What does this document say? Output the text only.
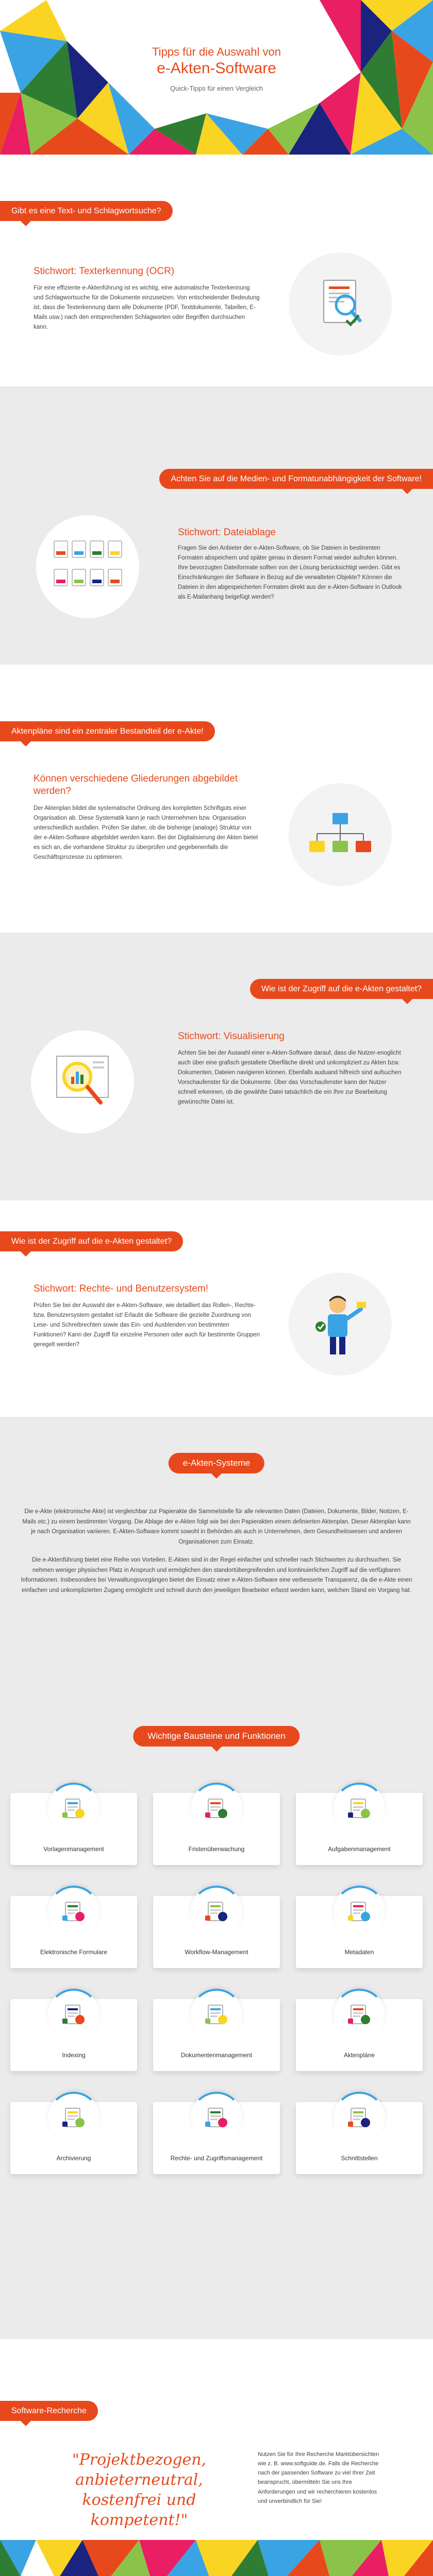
Tipps für die Auswahl von
e-Akten-Software
Quick-Tipps für einen Vergleich
Gibt es eine Text- und Schlagwortsuche?
Stichwort: Texterkennung (OCR)
Für eine effiziente e-Aktenführung ist es wichtig, eine automatische Texterkennung und Schlagwortsuche für die Dokumente einzusetzen. Von entscheidender Bedeutung ist, dass die Texterkennung dann alle Dokumente (PDF, Textdokumente, Tabellen, E-Mails usw.) nach den entsprechenden Schlagworten oder Begriffen durchsuchen kann.
Achten Sie auf die Medien- und Formatunabhängigkeit der Software!
Stichwort: Dateiablage
Fragen Sie den Anbieter der e-Akten-Software, ob Sie Dateien in bestimmten Formaten abspeichern und später genau in diesem Format wieder aufrufen können. Ihre bevorzugten Dateiformate sollten von der Lösung berücksichtigt werden. Gibt es Einschränkungen der Software in Bezug auf die verwalteten Objekte? Können die Dateien in den abgespeicherten Formaten direkt aus der e-Akten-Software in Outlook als E-Mailanhang beigefügt werden?
Aktenpläne sind ein zentraler Bestandteil der e-Akte!
Können verschiedene Gliederungen abgebildet werden?
Der Aktenplan bildet die systematische Ordnung des kompletten Schriftguts einer Organisation ab. Diese Systematik kann je nach Unternehmen bzw. Organisation unterschiedlich ausfallen. Prüfen Sie daher, ob die bisherige (analoge) Struktur von der e-Akten-Software abgebildet werden kann. Bei der Digitalisierung der Akten bietet es sich an, die vorhandene Struktur zu überprüfen und gegebenenfalls die Geschäftsprozesse zu optimieren.
Wie ist der Zugriff auf die e-Akten gestaltet?
Stichwort: Visualisierung
Achten Sie bei der Auswahl einer e-Akten-Software darauf, dass die Nutzer-enoglicht auch über eine grafisch gestaltete Oberfläche direkt und unkompliziert zu Akten bzw. Dokumenten, Dateien navigieren können. Ebenfalls auduand hilfreich sind aufsuchen Vorschaufenster für die Dokumente. Über das Vorschaufenster kann der Nutzer schnell erkennen, ob die gewählte Datei tatsächlich die ein Ihre zur Bearbeitung gewünschte Datei ist.
Wie ist der Zugriff auf die e-Akten gestaltet?
Stichwort: Rechte- und Benutzersystem!
Prüfen Sie bei der Auswahl der e-Akten-Software, wie detailliert das Rollen-, Rechte- bzw. Benutzersystem gestaltet ist! Erlaubt die Software die gezielte Zuordnung von Lese- und Schreibrechten sowie das Ein- und Ausblenden von bestimmten Funktionen? Kann der Zugriff für einzelne Personen oder auch für bestimmte Gruppen geregelt werden?
e-Akten-Systeme

Die e-Akte (elektronische Akte) ist vergleichbar zur Papierakte die Sammelstelle für alle relevanten Daten (Dateien, Dokumente, Bilder, Notizen, E-Mails etc.) zu einem bestimmten Vorgang. Die Ablage der e-Akten folgt wie bei den Papierakten einem definierten Aktenplan. Dieser Aktenplan kann je nach Organisation variieren. E-Akten-Software kommt sowohl in Behörden als auch in Unternehmen, dem Gesundheitswesen und anderen Organisationen zum Einsatz.

Die e-Aktenführung bietet eine Reihe von Vorteilen. E-Akten sind in der Regel einfacher und schneller nach Stichworten zu durchsuchen. Sie nehmen weniger physischen Platz in Anspruch und ermöglichen den standortübergreifenden und kontinuierlichen Zugriff auf die verfügbaren Informationen. Insbesondere bei Verwaltungsvorgängen bietet der Einsatz einer e-Akten-Software eine verbesserte Transparenz, da die e-Akte einen einfachen und unkomplizierten Zugang ermöglicht und schnell durch den jeweiligen Bearbeiter erfasst werden kann, welchen Stand ein Vorgang hat.

Wichtige Bausteine und Funktionen
Vorlagenmanagement	Fristenüberwachung	Aufgabenmanagement
Elektronische Formulare	Workflow-Management	Metadaten
Indexing	Dokumentenmanagement	Aktenpläne
Archivierung	Rechte- und Zugriffsmanagement	Schnittstellen
Software-Recherche
"Projektbezogen, anbieterneutral, kostenfrei und kompetent!"
Nutzen Sie für Ihre Recherche Marktübersichten wie z. B. www.softguide.de. Falls die Recherche nach der passenden Software zu viel Ihrer Zeit beansprucht, übermitteln Sie uns Ihre Anforderungen und wir recherchieren kostenlos und unverbindlich für Sie!
